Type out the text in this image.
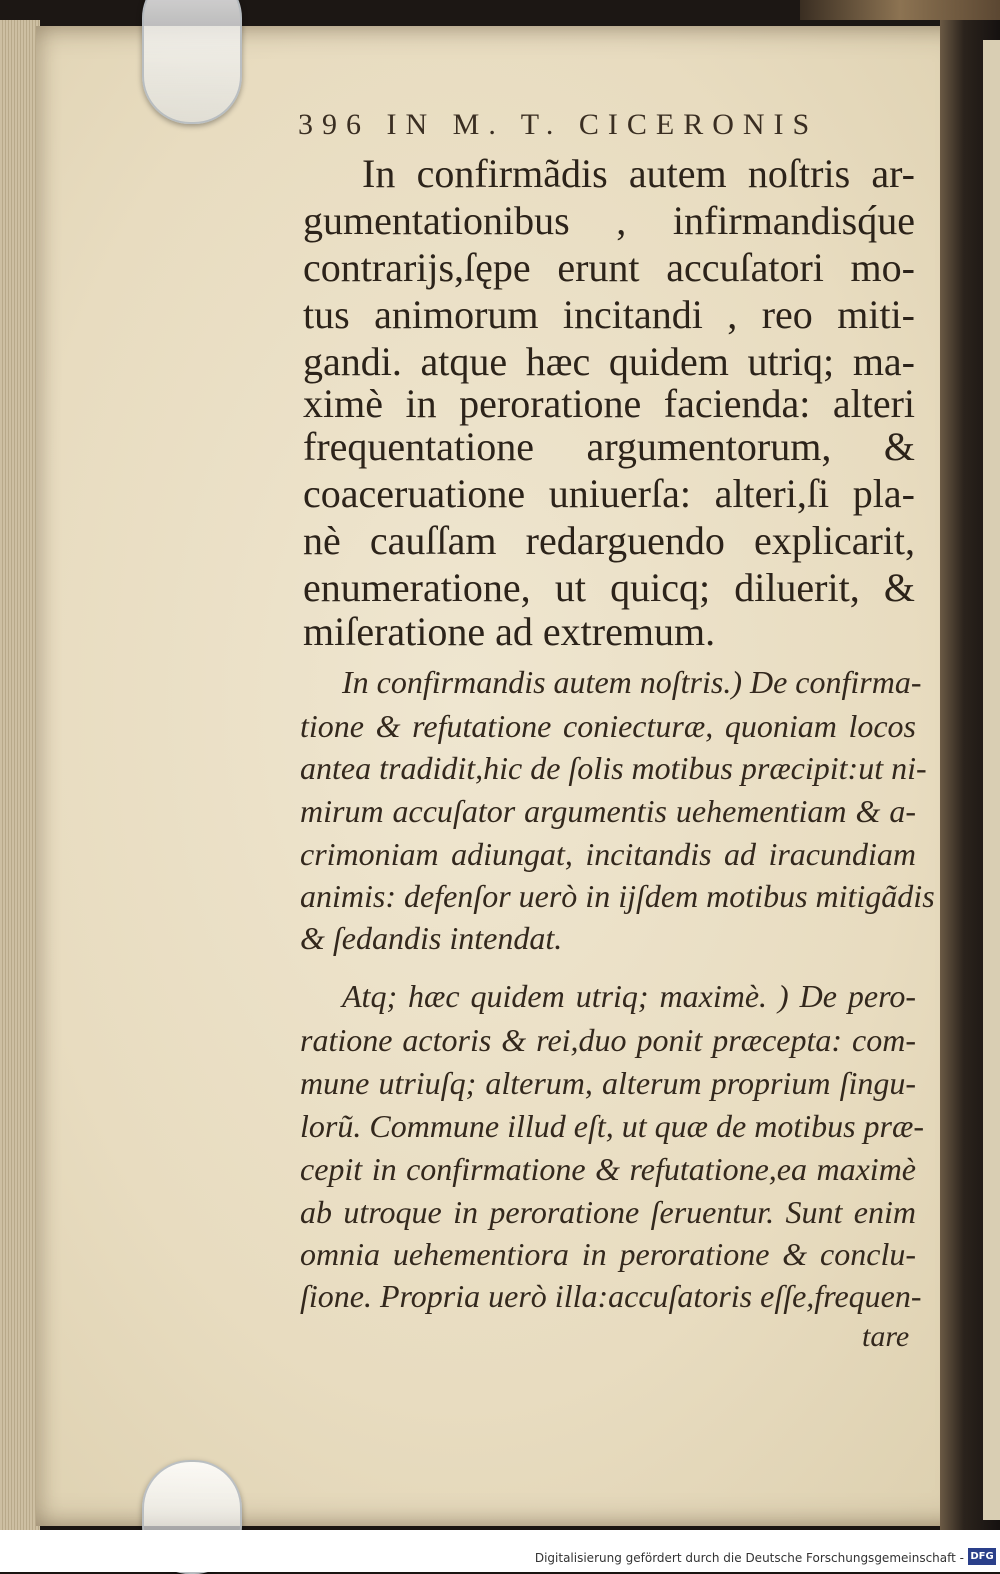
396 IN M. T. CICERONIS
In confirmãdis autem noſtris ar-
gumentationibus , infirmandisq́ue
contrariјs,ſępe erunt accuſatori mo-
tus animorum incitandi , reo miti-
gandi. atque hæc quidem utriq; ma-
ximè in peroratione facienda: alteri
frequentatione argumentorum, &
coaceruatione uniuerſa: alteri,ſi pla-
nè cauſſam redarguendo explicarit,
enumeratione, ut quicq; diluerit, &
miſeratione ad extremum.
In confirmandis autem noſtris.) De confirma-
tione & refutatione coniecturæ, quoniam locos
antea tradidit,hic de ſolis motibus præcipit:ut ni-
mirum accuſator argumentis uehementiam & a-
crimoniam adiungat, incitandis ad iracundiam
animis: defenſor uerò in ijſdem motibus mitigãdis
& ſedandis intendat.
Atq; hæc quidem utriq; maximè. ) De pero-
ratione actoris & rei,duo ponit præcepta: com-
mune utriuſq; alterum, alterum proprium ſingu-
lorũ. Commune illud eſt, ut quæ de motibus præ-
cepit in confirmatione & refutatione,ea maximè
ab utroque in peroratione ſeruentur. Sunt enim
omnia uehementiora in peroratione & conclu-
ſione. Propria uerò illa:accuſatoris eſſe,frequen-
tare
Digitalisierung gefördert durch die Deutsche Forschungsgemeinschaft - DFG
